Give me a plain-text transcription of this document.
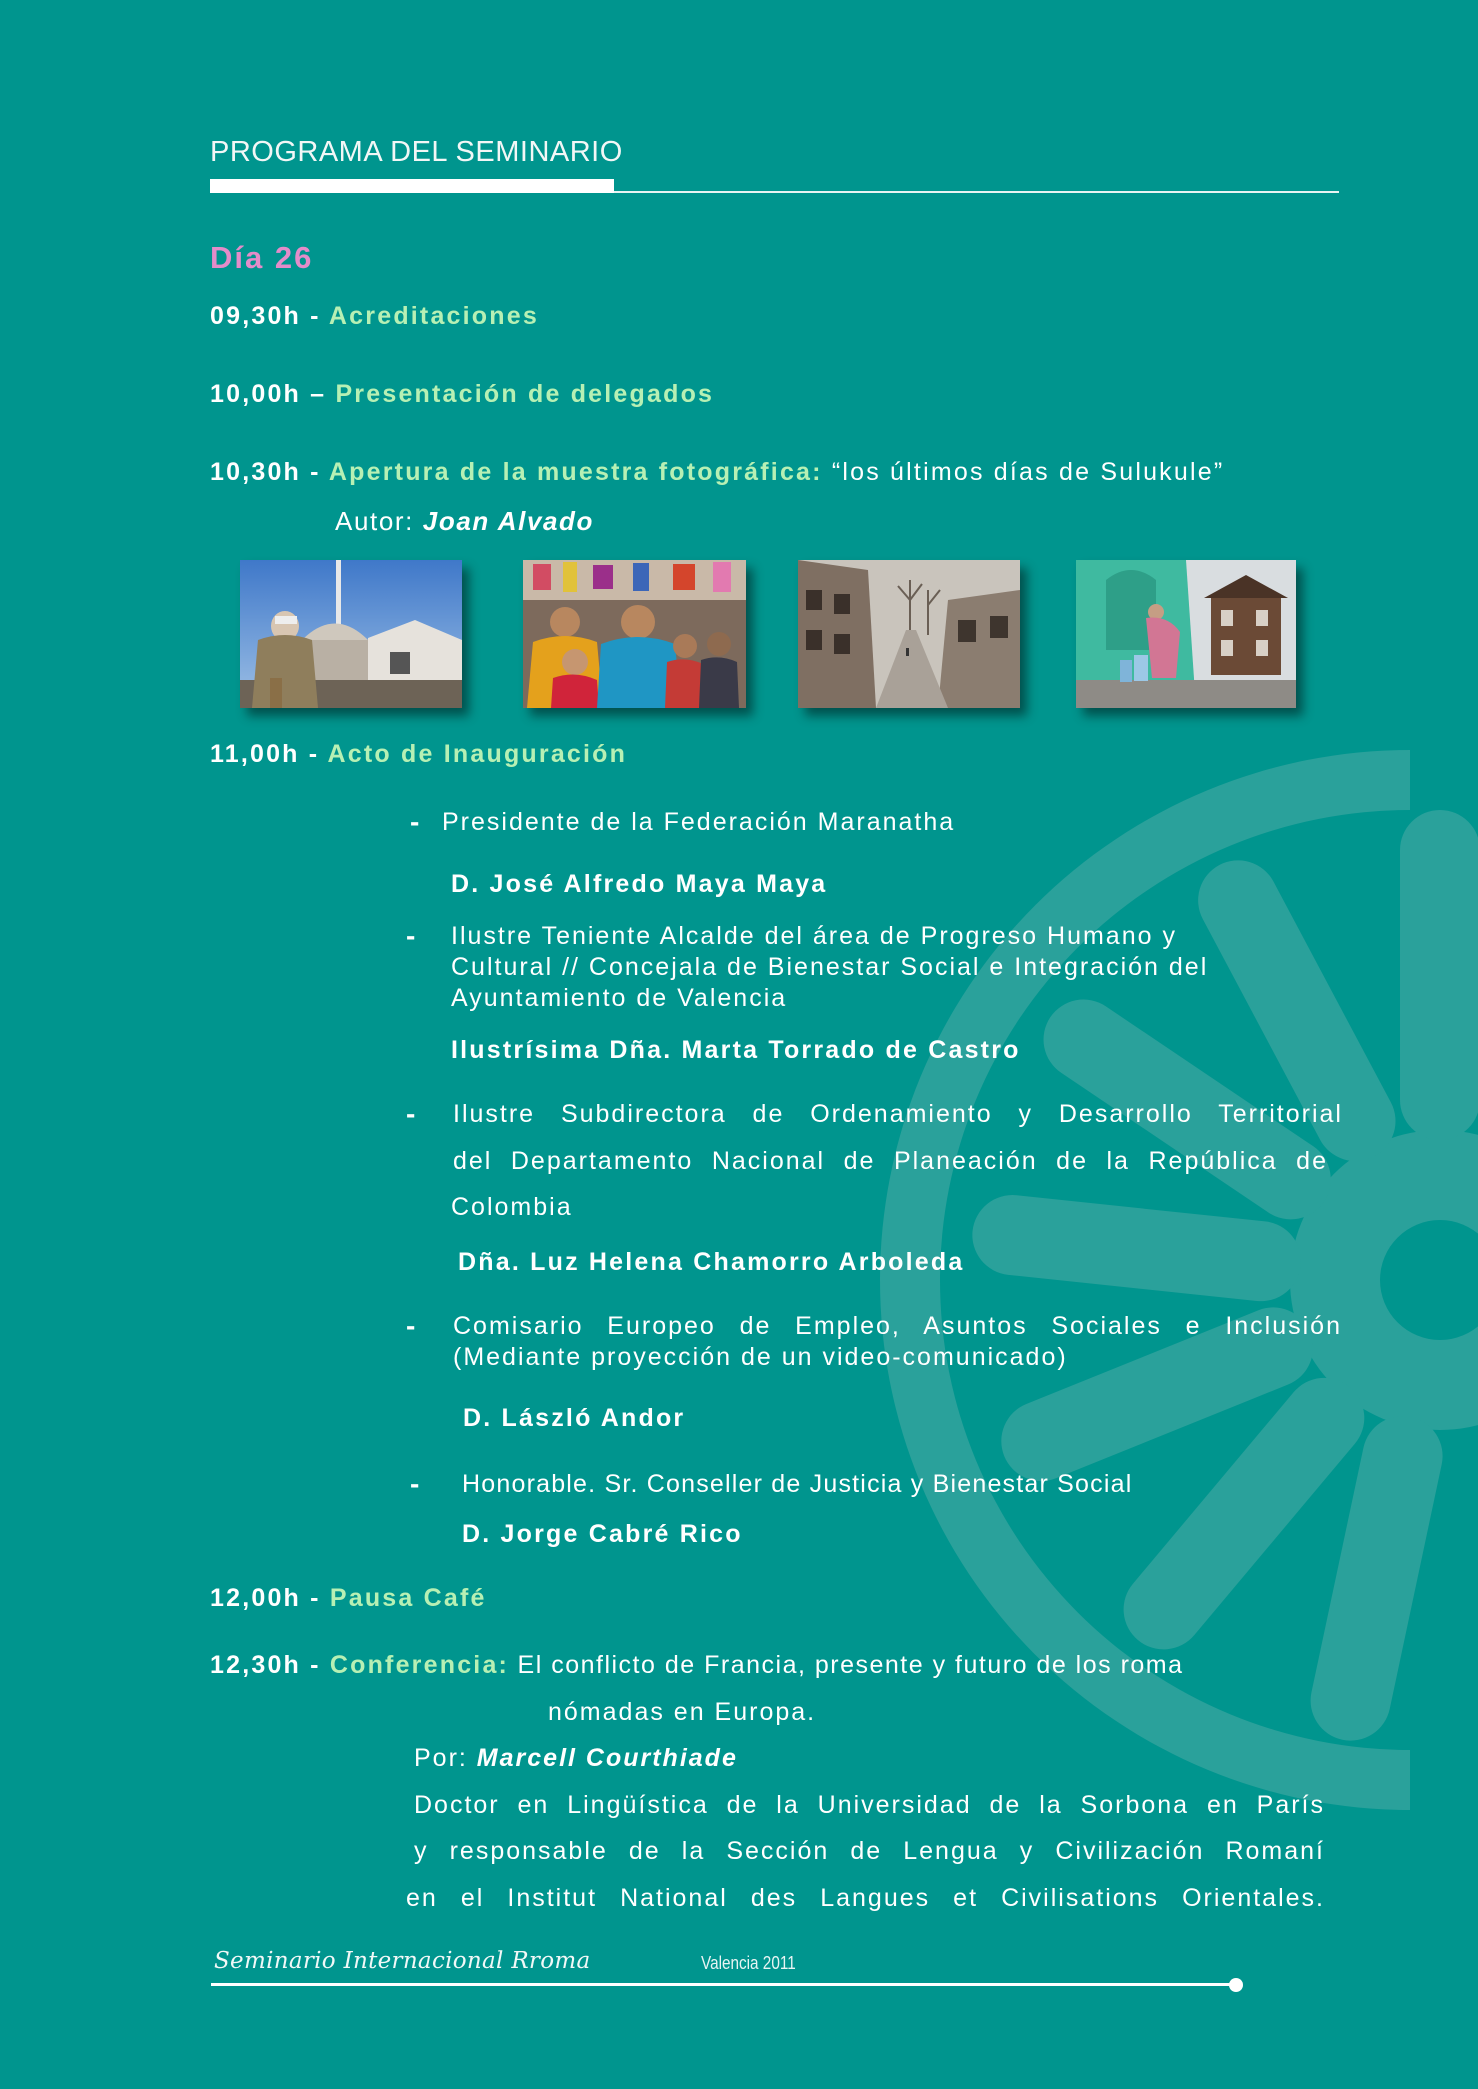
PROGRAMA DEL SEMINARIO
Día 26
09,30h - Acreditaciones
10,00h – Presentación de delegados
10,30h - Apertura de la muestra fotográfica: “los últimos días de Sulukule”
Autor: Joan Alvado
11,00h - Acto de Inauguración
- Presidente de la Federación Maranatha
D. José Alfredo Maya Maya
- Ilustre Teniente Alcalde del área de Progreso Humano y
Cultural // Concejala de Bienestar Social e Integración del
Ayuntamiento de Valencia
Ilustrísima Dña. Marta Torrado de Castro
- Ilustre Subdirectora de Ordenamiento y Desarrollo Territorial
del Departamento Nacional de Planeación de la República de
Colombia
Dña. Luz Helena Chamorro Arboleda
- Comisario Europeo de Empleo, Asuntos Sociales e Inclusión
(Mediante proyección de un video-comunicado)
D. László Andor
- Honorable. Sr. Conseller de Justicia y Bienestar Social
D. Jorge Cabré Rico
12,00h - Pausa Café
12,30h - Conferencia: El conflicto de Francia, presente y futuro de los roma
nómadas en Europa.
Por: Marcell Courthiade
Doctor en Lingüística de la Universidad de la Sorbona en París
y responsable de la Sección de Lengua y Civilización Romaní
en el Institut National des Langues et Civilisations Orientales.
Seminario Internacional Rroma	Valencia 2011
